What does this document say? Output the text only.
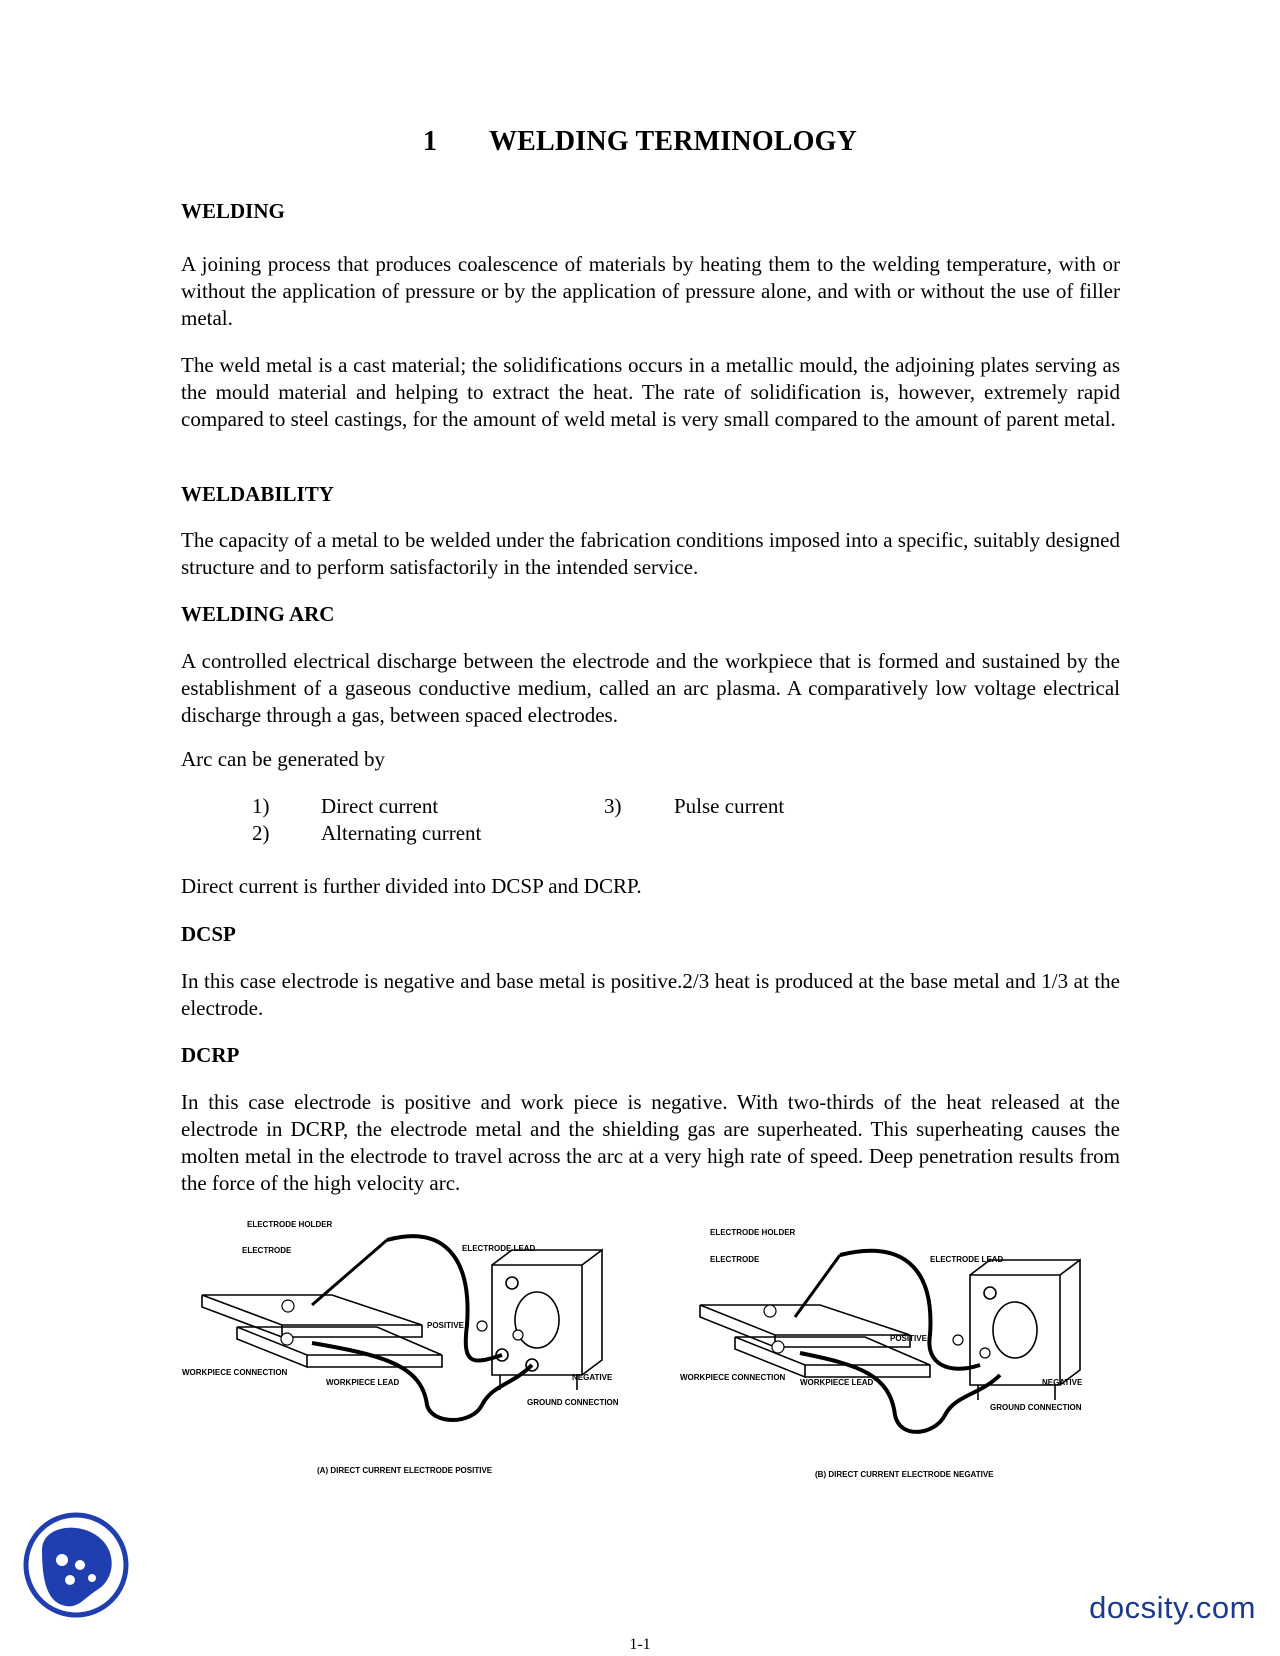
1 WELDING TERMINOLOGY
WELDING

A joining process that produces coalescence of materials by heating them to the welding temperature, with or without the application of pressure or by the application of pressure alone, and with or without the use of filler metal.

The weld metal is a cast material; the solidifications occurs in a metallic mould, the adjoining plates serving as the mould material and helping to extract the heat. The rate of solidification is, however, extremely rapid compared to steel castings, for the amount of weld metal is very small compared to the amount of parent metal.

WELDABILITY

The capacity of a metal to be welded under the fabrication conditions imposed into a specific, suitably designed structure and to perform satisfactorily in the intended service.

WELDING ARC

A controlled electrical discharge between the electrode and the workpiece that is formed and sustained by the establishment of a gaseous conductive medium, called an arc plasma. A comparatively low voltage electrical discharge through a gas, between spaced electrodes.

Arc can be generated by

1) Direct current
2) Alternating current
3)	Pulse current

Direct current is further divided into DCSP and DCRP.

DCSP

In this case electrode is negative and base metal is positive.2/3 heat is produced at the base metal and 1/3 at the electrode.

DCRP

In this case electrode is positive and work piece is negative. With two-thirds of the heat released at the electrode in DCRP, the electrode metal and the shielding gas are superheated. This superheating causes the molten metal in the electrode to travel across the arc at a very high rate of speed. Deep penetration results from the force of the high velocity arc.

ELECTRODE HOLDER
ELECTRODE	ELECTRODE LEAD
POSITIVE
NEGATIVE
WORKPIECE CONNECTION
WORKPIECE LEAD
GROUND CONNECTION
(A) DIRECT CURRENT ELECTRODE POSITIVE
ELECTRODE HOLDER
ELECTRODE	ELECTRODE LEAD
POSITIVE
NEGATIVE
WORKPIECE CONNECTION
WORKPIECE LEAD
GROUND CONNECTION
(B) DIRECT CURRENT ELECTRODE NEGATIVE
1-1
docsity.com
